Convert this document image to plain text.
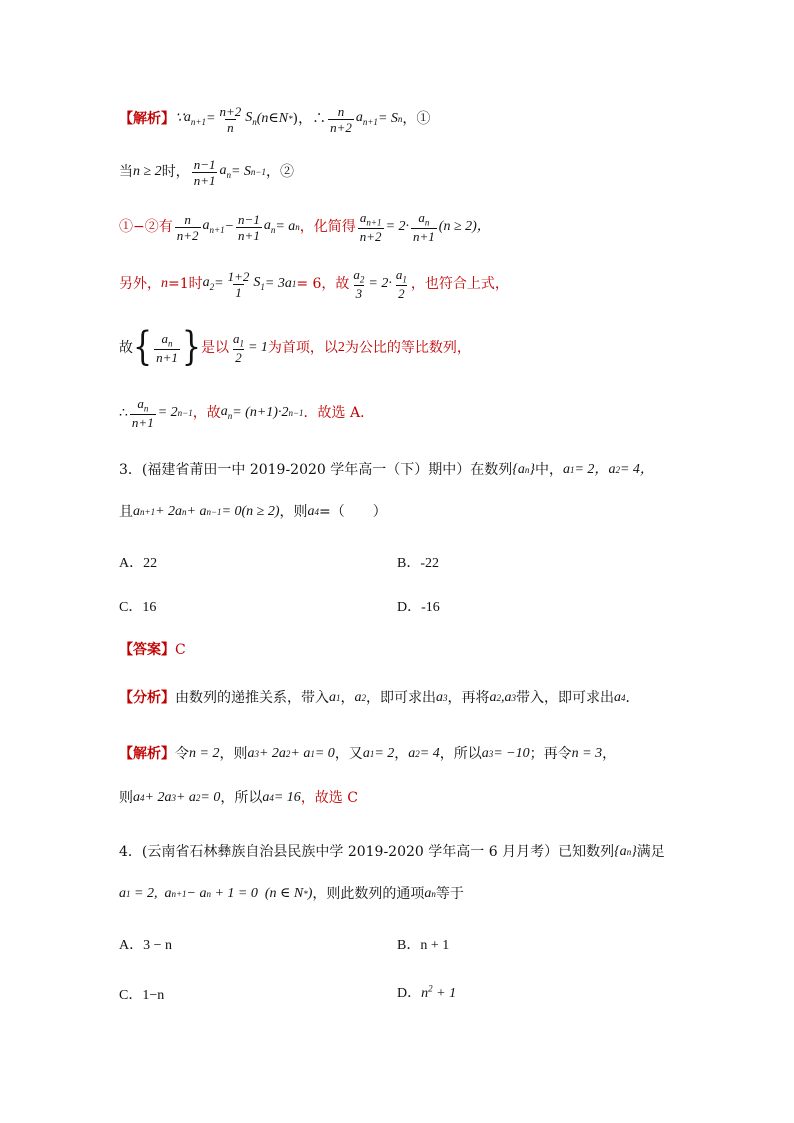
【解析】 ∵ $a_{n+1} = \frac{n+2}{n} S_n$ (n∈N * )，∴ $\frac{n}{n+2} a_{n+1} = S$ n ，①
当 n ≥ 2 时， $\frac{n-1}{n+1} a_n = S$ n−1 ，②
①−②有 $\frac{n}{n+2} a_{n+1} - \frac{n-1}{n+1} a_n = a$ n ，化简得 $\frac{a_{n+1}}{n+2} = 2\cdot \frac{a_n}{n+1} (n \ge 2)$，
另外， n =1时 $a_2 = \frac{1+2}{1} S_1 = 3a$ 1 = 6，故 $\frac{a_2}{3} = 2\cdot \frac{a_1}{2}$ ，也符合上式，
故 { $\frac{a_n}{n+1}$ } 是以 $\frac{a_1}{2} = 1$ 为首项，以 2 为公比的等比数列，
∴ $\frac{a_n}{n+1} = 2$ n−1 ，故 $a_n = (n+1)\cdot 2$ n−1 ．故选 A．
3．(福建省莆田一中 2019-2020 学年高一（下）期中）在数列 {a n } 中， a 1 = 2， a 2 = 4，
且 a n+1 + 2a n + a n−1 = 0(n ≥ 2) ，则 a 4 =（　　）
A．22	B．-22
C．16	D．-16
【答案】 C
【分析】 由数列的递推关系，带入 a 1 ， a 2 ，即可求出 a 3 ，再将 a 2 ,a 3 带入，即可求出 a 4 ．
【解析】 令 n = 2 ，则 a 3 + 2a 2 + a 1 = 0 ，又 a 1 = 2 ， a 2 = 4 ，所以 a 3 = −10 ；再令 n = 3 ，
则 a 4 + 2a 3 + a 2 = 0 ，所以 a 4 = 16 ，故选 C
4．(云南省石林彝族自治县民族中学 2019-2020 学年高一 6 月月考）已知数列 {a n } 满足
a 1 = 2,  a n+1 − a n + 1 = 0  (n ∈ N * ) ，则此数列的通项 a n 等于
A．3 − n	B．n + 1
C．1−n	D．$n^2 + 1$
